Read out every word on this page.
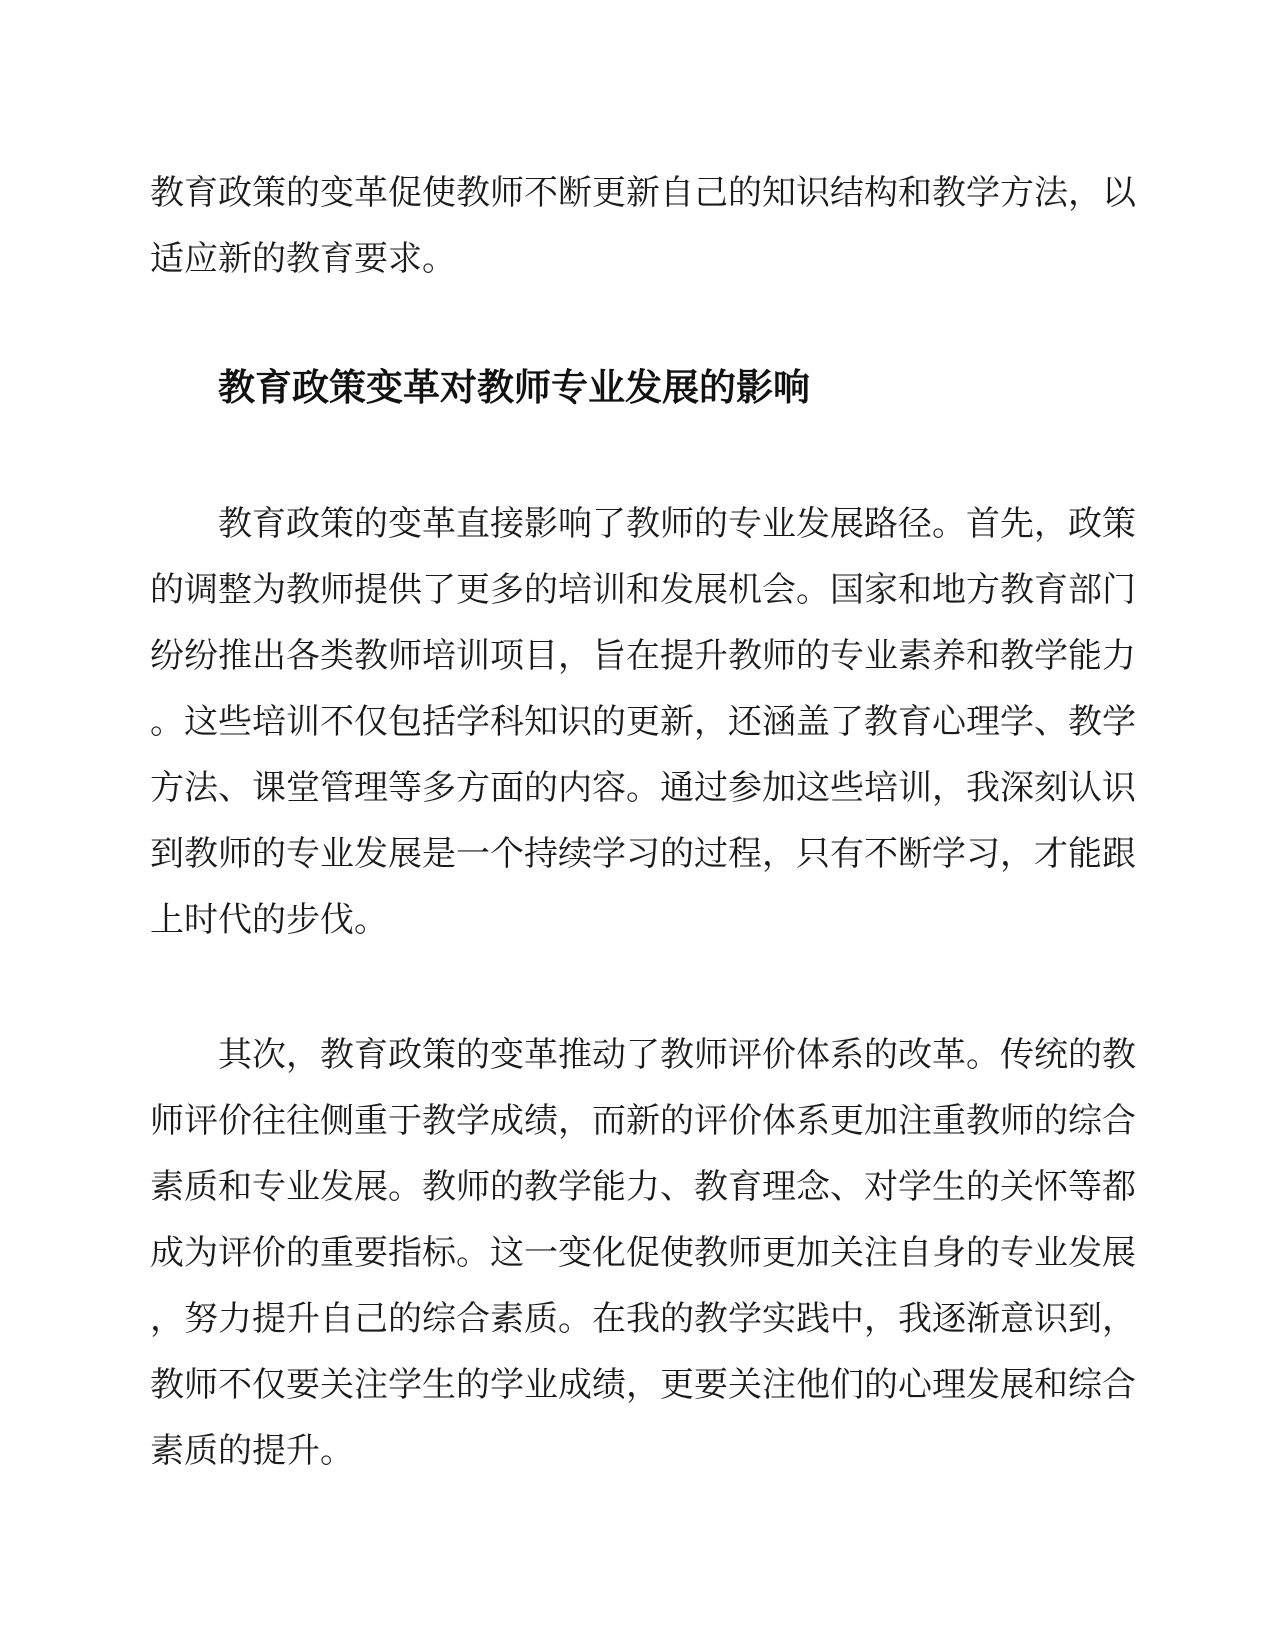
教育政策的变革促使教师不断更新自己的知识结构和教学方法，以
适应新的教育要求。
教育政策变革对教师专业发展的影响
教育政策的变革直接影响了教师的专业发展路径。首先，政策
的调整为教师提供了更多的培训和发展机会。国家和地方教育部门
纷纷推出各类教师培训项目，旨在提升教师的专业素养和教学能力
。这些培训不仅包括学科知识的更新，还涵盖了教育心理学、教学
方法、课堂管理等多方面的内容。通过参加这些培训，我深刻认识
到教师的专业发展是一个持续学习的过程，只有不断学习，才能跟
上时代的步伐。
其次，教育政策的变革推动了教师评价体系的改革。传统的教
师评价往往侧重于教学成绩，而新的评价体系更加注重教师的综合
素质和专业发展。教师的教学能力、教育理念、对学生的关怀等都
成为评价的重要指标。这一变化促使教师更加关注自身的专业发展
，努力提升自己的综合素质。在我的教学实践中，我逐渐意识到，
教师不仅要关注学生的学业成绩，更要关注他们的心理发展和综合
素质的提升。
